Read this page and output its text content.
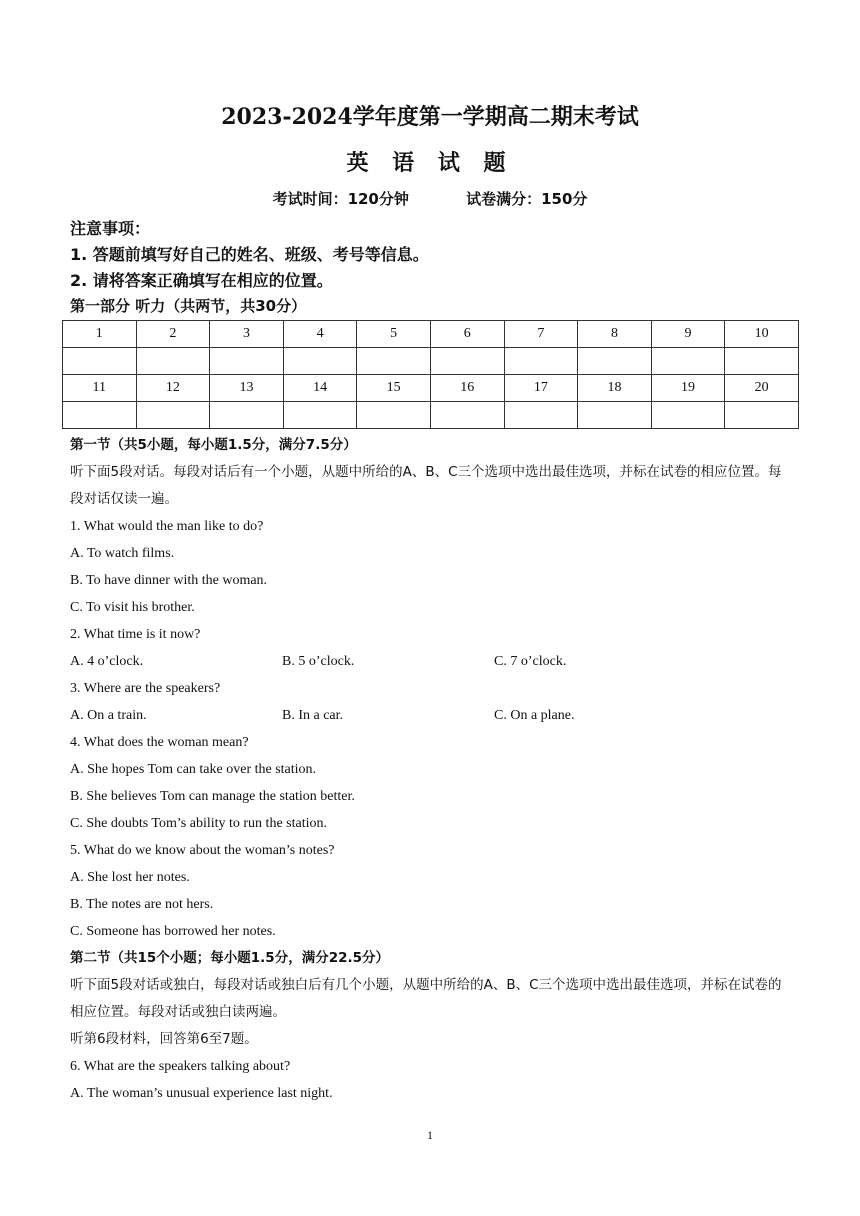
2023-2024学年度第一学期高二期末考试
英 语 试 题
考试时间：120分钟	试卷满分：150分
注意事项：
1. 答题前填写好自己的姓名、班级、考号等信息。
2. 请将答案正确填写在相应的位置。
第一部分 听力（共两节，共30分）
1	2	3	4	5	6	7	8	9	10

11	12	13	14	15	16	17	18	19	20

第一节（共5小题，每小题1.5分，满分7.5分）
听下面5段对话。每段对话后有一个小题，从题中所给的A、B、C三个选项中选出最佳选项，并标在试卷的相应位置。每段对话仅读一遍。
1. What would the man like to do?
A. To watch films.
B. To have dinner with the woman.
C. To visit his brother.
2. What time is it now?
A. 4 o’clock.	B. 5 o’clock.	C. 7 o’clock.
3. Where are the speakers?
A. On a train.	B. In a car.	C. On a plane.
4. What does the woman mean?
A. She hopes Tom can take over the station.
B. She believes Tom can manage the station better.
C. She doubts Tom’s ability to run the station.
5. What do we know about the woman’s notes?
A. She lost her notes.
B. The notes are not hers.
C. Someone has borrowed her notes.
第二节（共15个小题；每小题1.5分，满分22.5分）
听下面5段对话或独白，每段对话或独白后有几个小题，从题中所给的A、B、C三个选项中选出最佳选项，并标在试卷的相应位置。每段对话或独白读两遍。
听第6段材料，回答第6至7题。
6. What are the speakers talking about?
A. The woman’s unusual experience last night.
1
